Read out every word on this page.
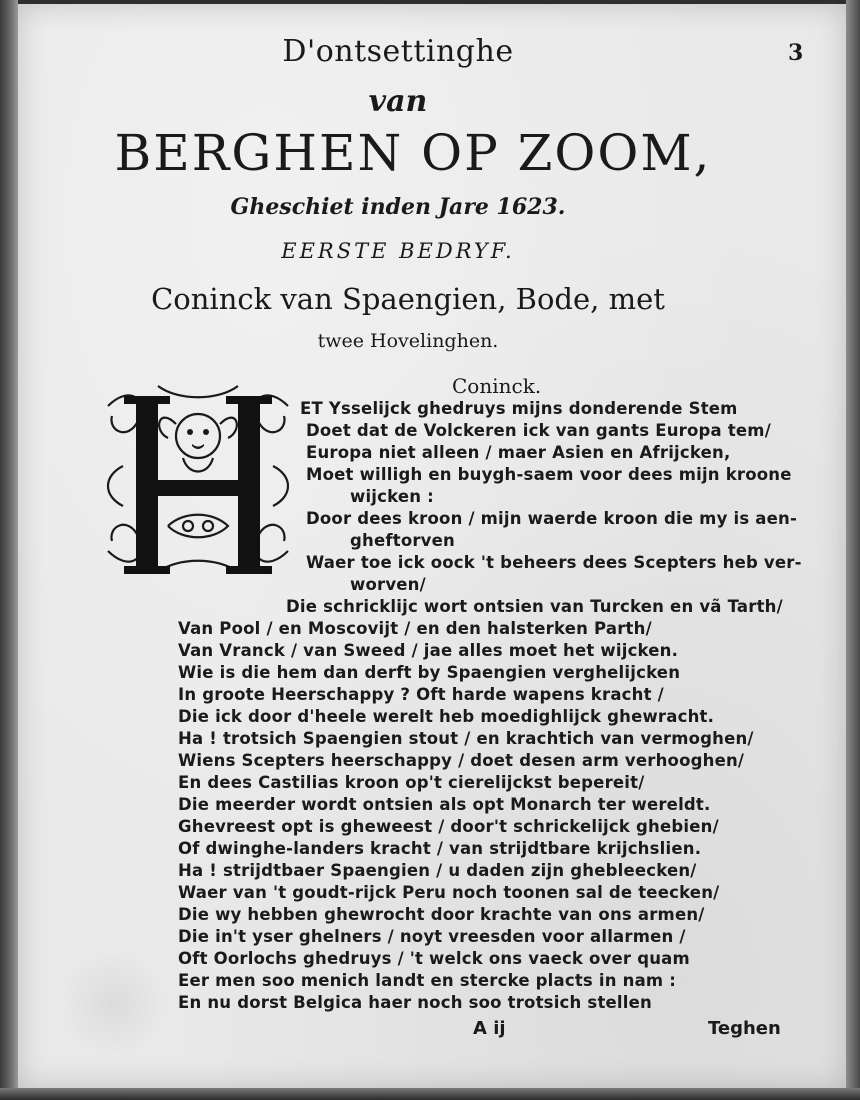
3
D'ontsettinghe
van
BERGHEN OP ZOOM,
Gheschiet inden Jare 1623.
EERSTE BEDRYF.
Coninck van Spaengien, Bode, met
twee Hovelinghen.
Coninck.
ET Ysselijck ghedruys mijns donderende Stem
Doet dat de Volckeren ick van gants Europa tem/
Europa niet alleen / maer Asien en Afrijcken,
Moet willigh en buygh-saem voor dees mijn kroone
wijcken :
Door dees kroon / mijn waerde kroon die my is aen-
gheftorven
Waer toe ick oock 't beheers dees Scepters heb ver-
worven/
Die schricklijc wort ontsien van Turcken en vã Tarth/
Van Pool / en Moscovijt / en den halsterken Parth/
Van Vranck / van Sweed / jae alles moet het wijcken.
Wie is die hem dan derft by Spaengien verghelijcken
In groote Heerschappy ? Oft harde wapens kracht /
Die ick door d'heele werelt heb moedighlijck ghewracht.
Ha ! trotsich Spaengien stout / en krachtich van vermoghen/
Wiens Scepters heerschappy / doet desen arm verhooghen/
En dees Castilias kroon op't cierelijckst bepereit/
Die meerder wordt ontsien als opt Monarch ter wereldt.
Ghevreest opt is gheweest / door't schrickelijck ghebien/
Of dwinghe-landers kracht / van strijdtbare krijchslien.
Ha ! strijdtbaer Spaengien / u daden zijn ghebleecken/
Waer van 't goudt-rijck Peru noch toonen sal de teecken/
Die wy hebben ghewrocht door krachte van ons armen/
Die in't yser ghelners / noyt vreesden voor allarmen /
Oft Oorlochs ghedruys / 't welck ons vaeck over quam
Eer men soo menich landt en stercke placts in nam :
En nu dorst Belgica haer noch soo trotsich stellen
A ij	Teghen
